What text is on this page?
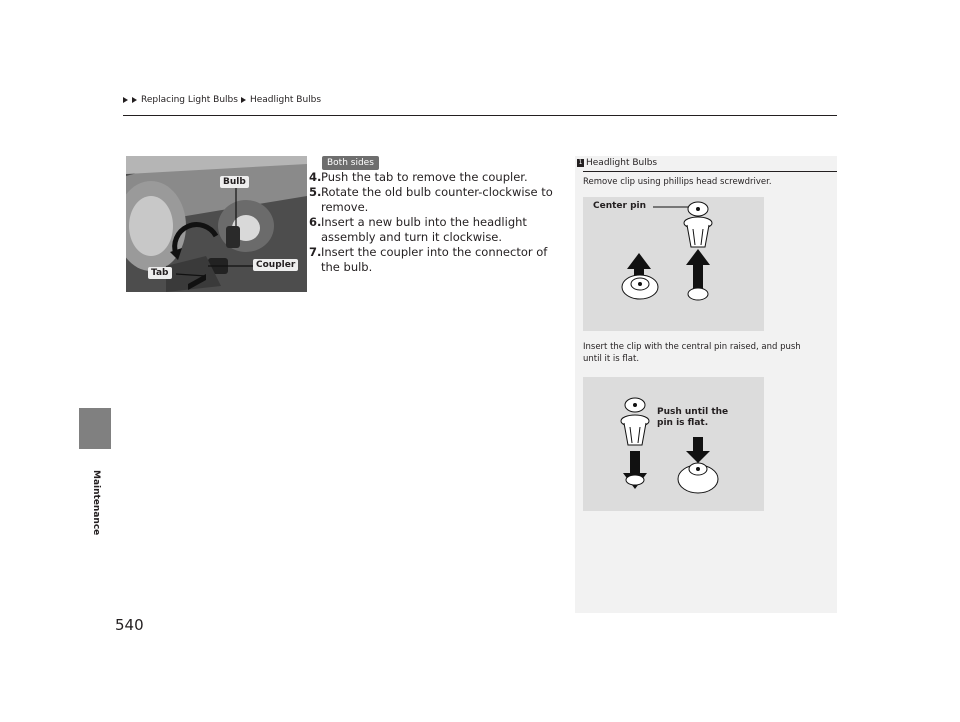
Replacing Light Bulbs Headlight Bulbs
Maintenance
Bulb
Coupler
Tab
Both sides
4. Push the tab to remove the coupler.
5. Rotate the old bulb counter-clockwise to remove.
6. Insert a new bulb into the headlight assembly and turn it clockwise.
7. Insert the coupler into the connector of the bulb.
1 Headlight Bulbs
Remove clip using phillips head screwdriver.
Center pin
Insert the clip with the central pin raised, and push
until it is flat.
Push until the
pin is flat.
540
